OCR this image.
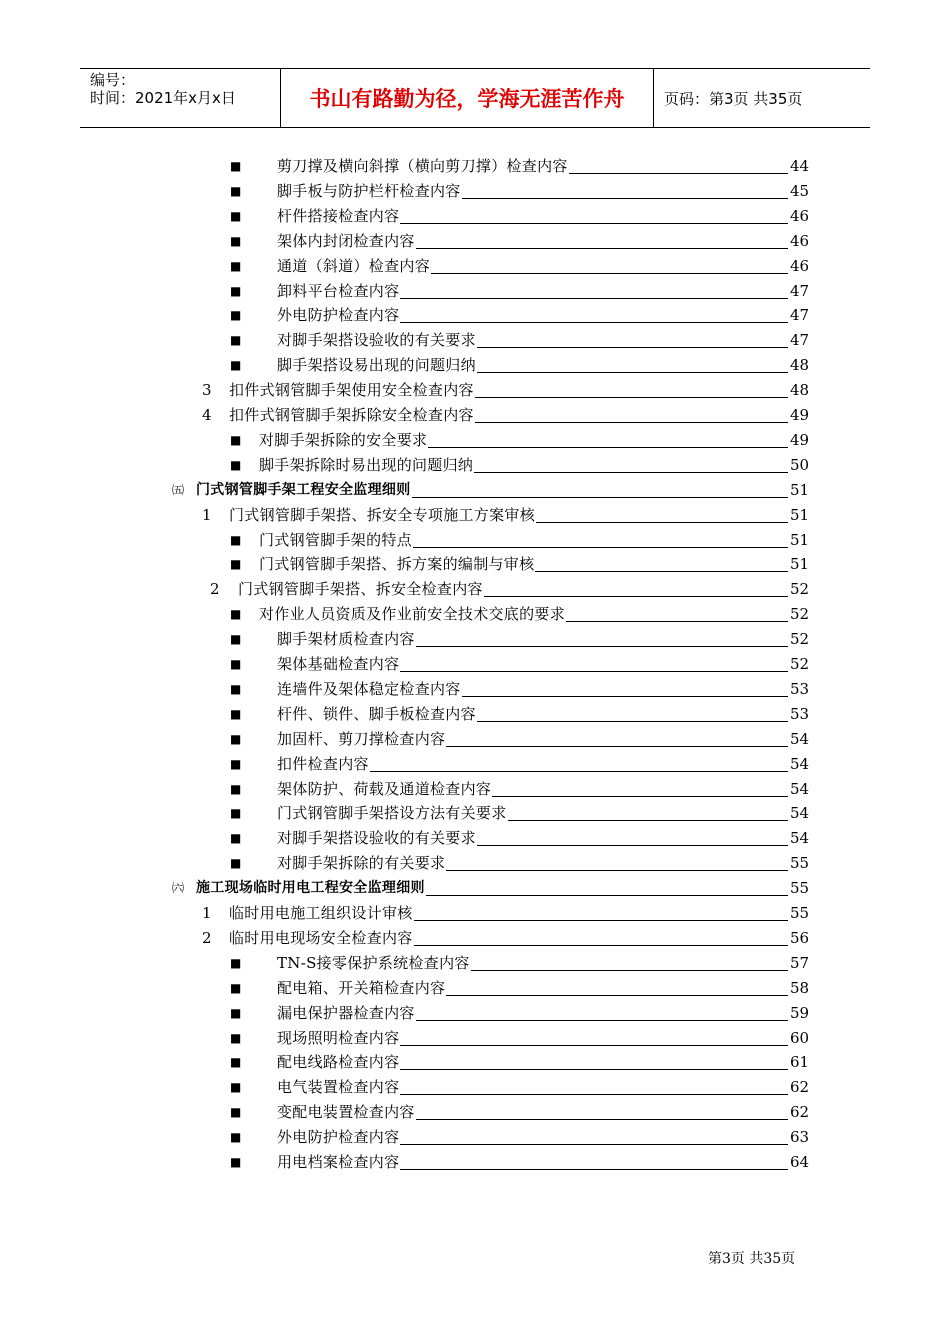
编号：
时间：2021年x月x日	书山有路勤为径，学海无涯苦作舟	页码：第3页 共35页
■ 剪刀撑及横向斜撑（横向剪刀撑）检查内容	44
■ 脚手板与防护栏杆检查内容	45
■ 杆件搭接检查内容	46
■ 架体内封闭检查内容	46
■ 通道（斜道）检查内容	46
■ 卸料平台检查内容	47
■ 外电防护检查内容	47
■ 对脚手架搭设验收的有关要求	47
■ 脚手架搭设易出现的问题归纳	48
3 扣件式钢管脚手架使用安全检查内容	48
4 扣件式钢管脚手架拆除安全检查内容	49
■ 对脚手架拆除的安全要求	49
■ 脚手架拆除时易出现的问题归纳	50
㈤ 门式钢管脚手架工程安全监理细则	51
1 门式钢管脚手架搭、拆安全专项施工方案审核	51
■ 门式钢管脚手架的特点	51
■ 门式钢管脚手架搭、拆方案的编制与审核	51
2 门式钢管脚手架搭、拆安全检查内容	52
■ 对作业人员资质及作业前安全技术交底的要求	52
■ 脚手架材质检查内容	52
■ 架体基础检查内容	52
■ 连墙件及架体稳定检查内容	53
■ 杆件、锁件、脚手板检查内容	53
■ 加固杆、剪刀撑检查内容	54
■ 扣件检查内容	54
■ 架体防护、荷载及通道检查内容	54
■ 门式钢管脚手架搭设方法有关要求	54
■ 对脚手架搭设验收的有关要求	54
■ 对脚手架拆除的有关要求	55
㈥ 施工现场临时用电工程安全监理细则	55
1 临时用电施工组织设计审核	55
2 临时用电现场安全检查内容	56
■ TN-S接零保护系统检查内容	57
■ 配电箱、开关箱检查内容	58
■ 漏电保护器检查内容	59
■ 现场照明检查内容	60
■ 配电线路检查内容	61
■ 电气装置检查内容	62
■ 变配电装置检查内容	62
■ 外电防护检查内容	63
■ 用电档案检查内容	64
第3页 共35页
